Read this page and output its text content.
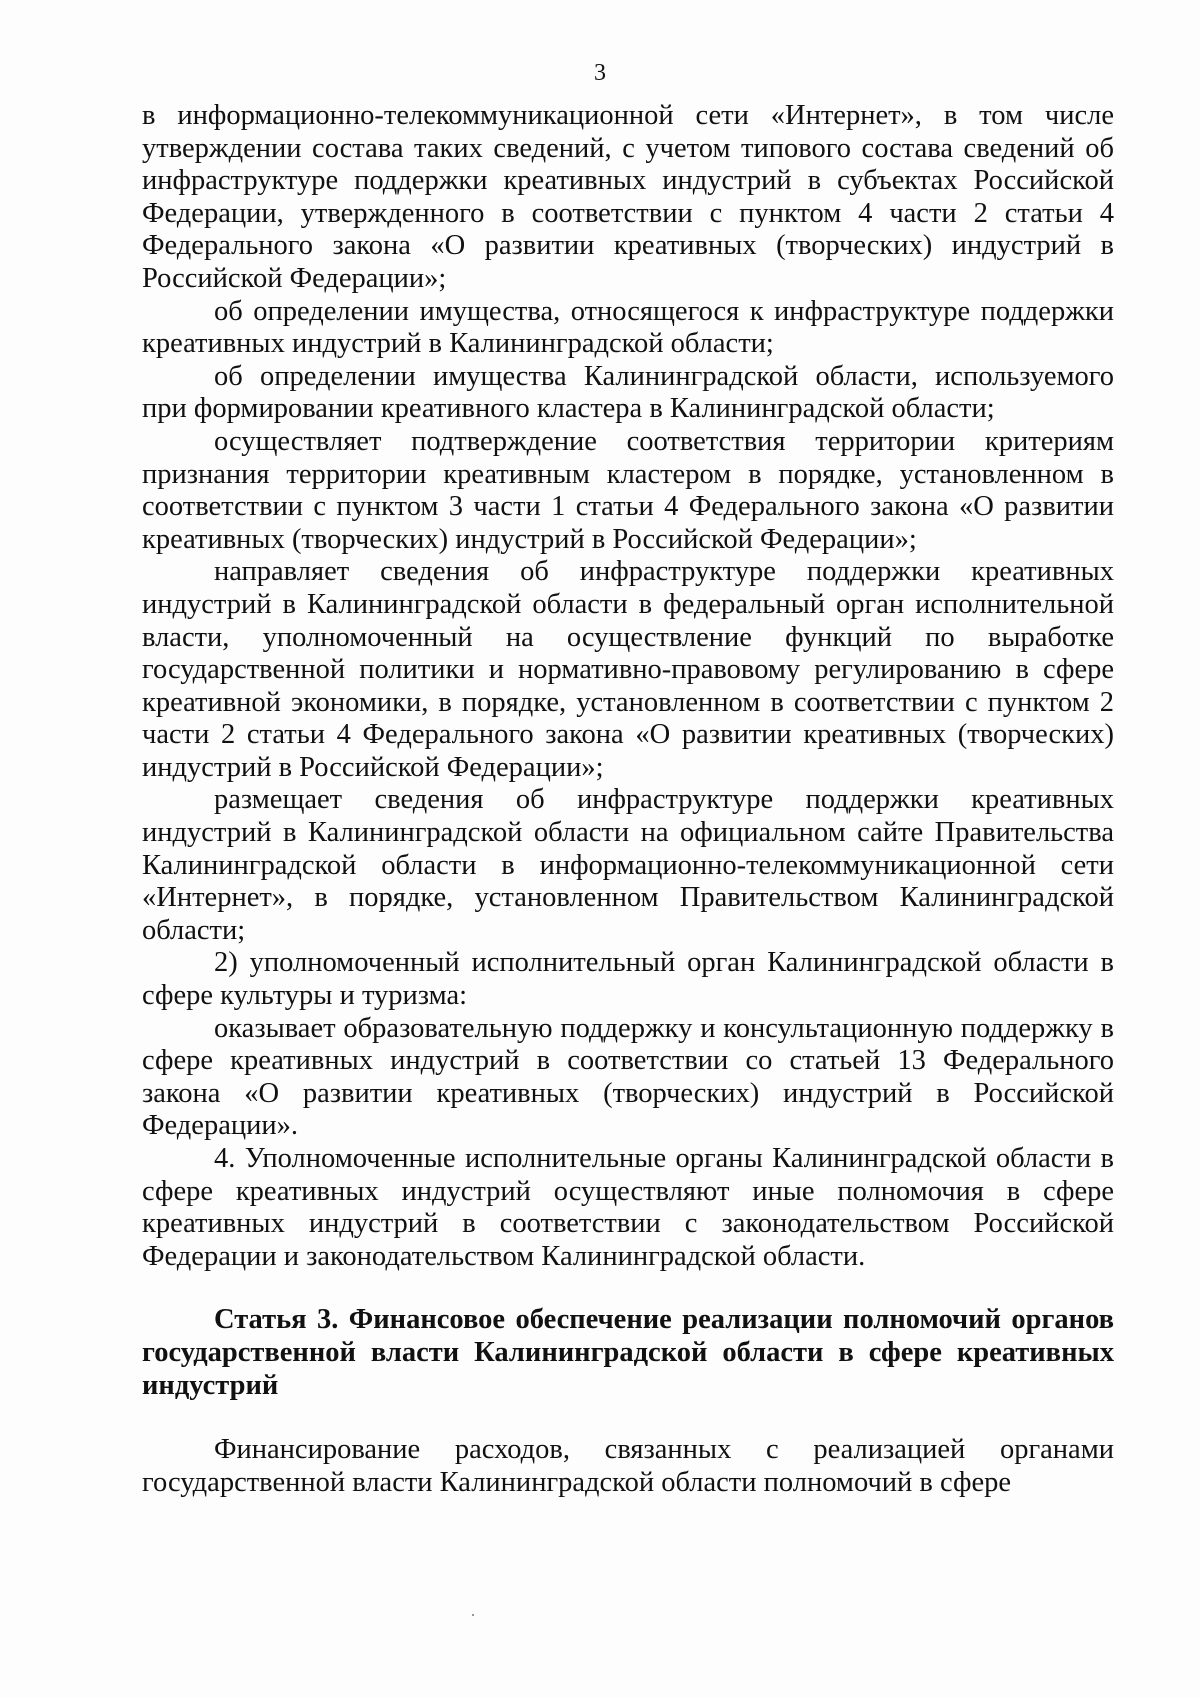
3

в информационно-телекоммуникационной сети «Интернет», в том числе утверждении состава таких сведений, с учетом типового состава сведений об инфраструктуре поддержки креативных индустрий в субъектах Российской Федерации, утвержденного в соответствии с пунктом 4 части 2 статьи 4 Федерального закона «О развитии креативных (творческих) индустрий в Российской Федерации»;

об определении имущества, относящегося к инфраструктуре поддержки креативных индустрий в Калининградской области;

об определении имущества Калининградской области, используемого при формировании креативного кластера в Калининградской области;

осуществляет подтверждение соответствия территории критериям признания территории креативным кластером в порядке, установленном в соответствии с пунктом 3 части 1 статьи 4 Федерального закона «О развитии креативных (творческих) индустрий в Российской Федерации»;

направляет сведения об инфраструктуре поддержки креативных индустрий в Калининградской области в федеральный орган исполнительной власти, уполномоченный на осуществление функций по выработке государственной политики и нормативно-правовому регулированию в сфере креативной экономики, в порядке, установленном в соответствии с пунктом 2 части 2 статьи 4 Федерального закона «О развитии креативных (творческих) индустрий в Российской Федерации»;

размещает сведения об инфраструктуре поддержки креативных индустрий в Калининградской области на официальном сайте Правительства Калининградской области в информационно-телекоммуникационной сети «Интернет», в порядке, установленном Правительством Калининградской области;

2) уполномоченный исполнительный орган Калининградской области в сфере культуры и туризма:

оказывает образовательную поддержку и консультационную поддержку в сфере креативных индустрий в соответствии со статьей 13 Федерального закона «О развитии креативных (творческих) индустрий в Российской Федерации».

4. Уполномоченные исполнительные органы Калининградской области в сфере креативных индустрий осуществляют иные полномочия в сфере креативных индустрий в соответствии с законодательством Российской Федерации и законодательством Калининградской области.

Статья 3. Финансовое обеспечение реализации полномочий органов государственной власти Калининградской области в сфере креативных индустрий

Финансирование расходов, связанных с реализацией органами государственной власти Калининградской области полномочий в сфере
